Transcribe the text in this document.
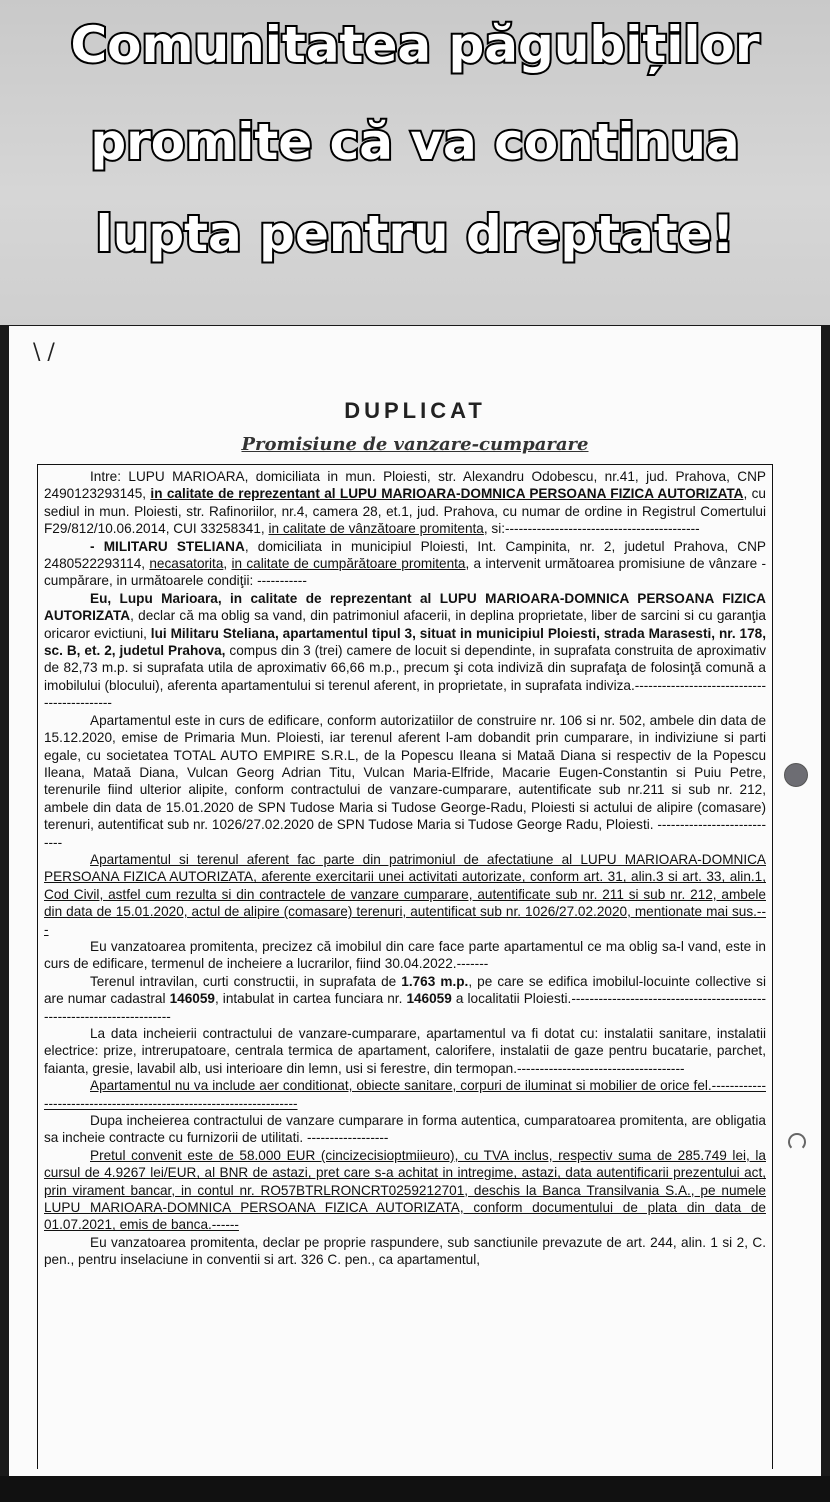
Comunitatea păgubiților
promite că va continua
lupta pentru dreptate!
\ /
DUPLICAT
Promisiune de vanzare-cumparare

Intre: LUPU MARIOARA, domiciliata in mun. Ploiesti, str. Alexandru Odobescu, nr.41, jud. Prahova, CNP 2490123293145, in calitate de reprezentant al LUPU MARIOARA-DOMNICA PERSOANA FIZICA AUTORIZATA, cu sediul in mun. Ploiesti, str. Rafinoriilor, nr.4, camera 28, et.1, jud. Prahova, cu numar de ordine in Registrul Comertului F29/812/10.06.2014, CUI 33258341, in calitate de vânzătoare promitenta, si:-------------------------------------------

- MILITARU STELIANA, domiciliata in municipiul Ploiesti, Int. Campinita, nr. 2, judetul Prahova, CNP 2480522293114, necasatorita, in calitate de cumpărătoare promitenta, a intervenit următoarea promisiune de vânzare - cumpărare, in următoarele condiţii: -----------

Eu, Lupu Marioara, in calitate de reprezentant al LUPU MARIOARA-DOMNICA PERSOANA FIZICA AUTORIZATA, declar că ma oblig sa vand, din patrimoniul afacerii, in deplina proprietate, liber de sarcini si cu garanţia oricaror evictiuni, lui Militaru Steliana, apartamentul tipul 3, situat in municipiul Ploiesti, strada Marasesti, nr. 178, sc. B, et. 2, judetul Prahova, compus din 3 (trei) camere de locuit si dependinte, in suprafata construita de aproximativ de 82,73 m.p. si suprafata utila de aproximativ 66,66 m.p., precum şi cota indiviză din suprafaţa de folosinţă comună a imobilului (blocului), aferenta apartamentului si terenul aferent, in proprietate, in suprafata indiviza.--------------------------------------------

Apartamentul este in curs de edificare, conform autorizatiilor de construire nr. 106 si nr. 502, ambele din data de 15.12.2020, emise de Primaria Mun. Ploiesti, iar terenul aferent l-am dobandit prin cumparare, in indiviziune si parti egale, cu societatea TOTAL AUTO EMPIRE S.R.L, de la Popescu Ileana si Mataă Diana si respectiv de la Popescu Ileana, Mataă Diana, Vulcan Georg Adrian Titu, Vulcan Maria-Elfride, Macarie Eugen-Constantin si Puiu Petre, terenurile fiind ulterior alipite, conform contractului de vanzare-cumparare, autentificate sub nr.211 si sub nr. 212, ambele din data de 15.01.2020 de SPN Tudose Maria si Tudose George-Radu, Ploiesti si actului de alipire (comasare) terenuri, autentificat sub nr. 1026/27.02.2020 de SPN Tudose Maria si Tudose George Radu, Ploiesti. ----------------------------

Apartamentul si terenul aferent fac parte din patrimoniul de afectatiune al LUPU MARIOARA-DOMNICA PERSOANA FIZICA AUTORIZATA, aferente exercitarii unei activitati autorizate, conform art. 31, alin.3 si art. 33, alin.1, Cod Civil, astfel cum rezulta si din contractele de vanzare cumparare, autentificate sub nr. 211 si sub nr. 212, ambele din data de 15.01.2020, actul de alipire (comasare) terenuri, autentificat sub nr. 1026/27.02.2020, mentionate mai sus.---

Eu vanzatoarea promitenta, precizez că imobilul din care face parte apartamentul ce ma oblig sa-l vand, este in curs de edificare, termenul de incheiere a lucrarilor, fiind 30.04.2022.-------

Terenul intravilan, curti constructii, in suprafata de 1.763 m.p., pe care se edifica imobilul-locuinte collective si are numar cadastral 146059, intabulat in cartea funciara nr. 146059 a localitatii Ploiesti.-----------------------------------------------------------------------

La data incheierii contractului de vanzare-cumparare, apartamentul va fi dotat cu: instalatii sanitare, instalatii electrice: prize, intrerupatoare, centrala termica de apartament, calorifere, instalatii de gaze pentru bucatarie, parchet, faianta, gresie, lavabil alb, usi interioare din lemn, usi si ferestre, din termopan.-------------------------------------

Apartamentul nu va include aer conditionat, obiecte sanitare, corpuri de iluminat si mobilier de orice fel.--------------------------------------------------------------------

Dupa incheierea contractului de vanzare cumparare in forma autentica, cumparatoarea promitenta, are obligatia sa incheie contracte cu furnizorii de utilitati. ------------------

Pretul convenit este de 58.000 EUR (cincizecisioptmiieuro), cu TVA inclus, respectiv suma de 285.749 lei, la cursul de 4.9267 lei/EUR, al BNR de astazi, pret care s-a achitat in intregime, astazi, data autentificarii prezentului act, prin virament bancar, in contul nr. RO57BTRLRONCRT0259212701, deschis la Banca Transilvania S.A., pe numele LUPU MARIOARA-DOMNICA PERSOANA FIZICA AUTORIZATA, conform documentului de plata din data de 01.07.2021, emis de banca.------

Eu vanzatoarea promitenta, declar pe proprie raspundere, sub sanctiunile prevazute de art. 244, alin. 1 si 2, C. pen., pentru inselaciune in conventii si art. 326 C. pen., ca apartamentul,
